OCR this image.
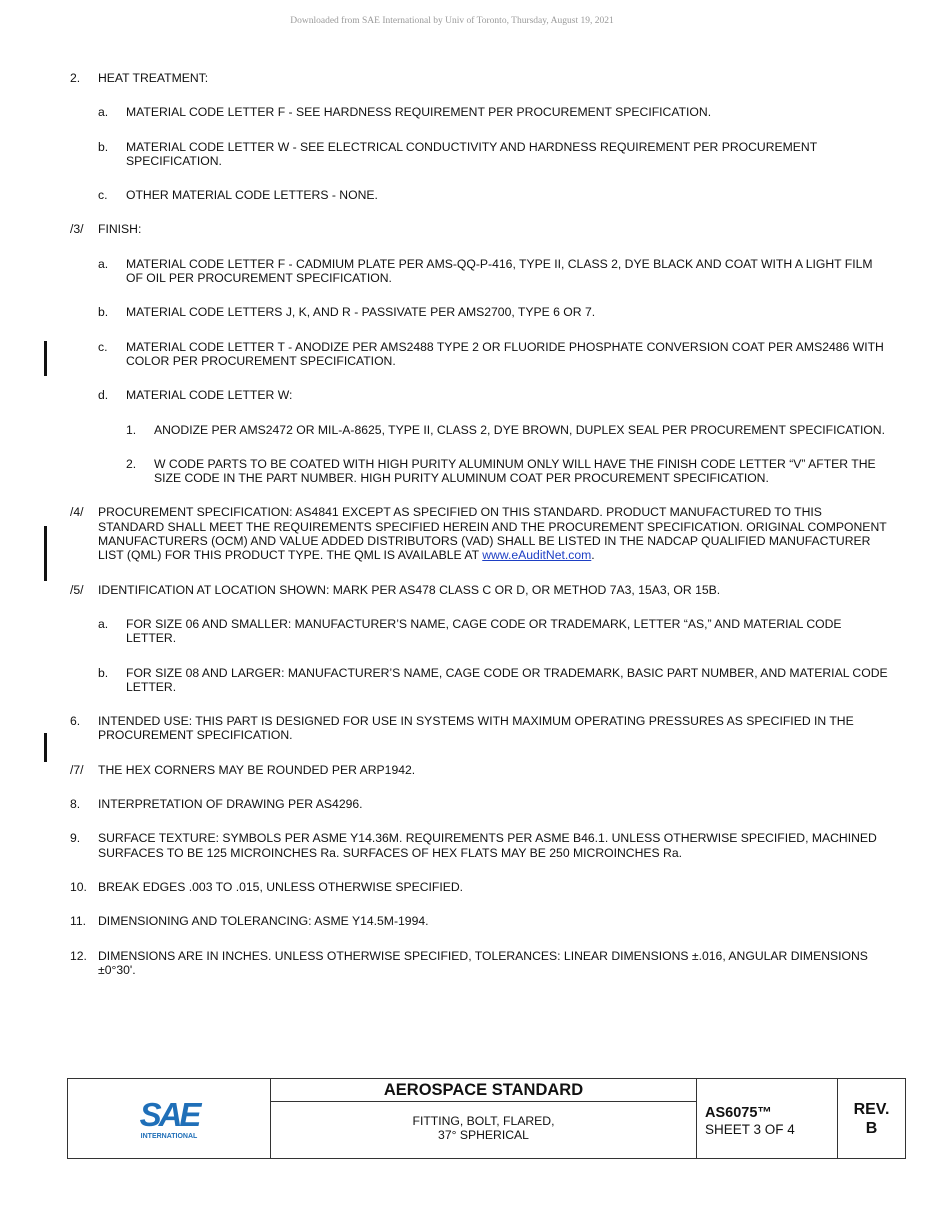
Downloaded from SAE International by Univ of Toronto, Thursday, August 19, 2021
2.	HEAT TREATMENT:
a.	MATERIAL CODE LETTER F - SEE HARDNESS REQUIREMENT PER PROCUREMENT SPECIFICATION.
b.	MATERIAL CODE LETTER W - SEE ELECTRICAL CONDUCTIVITY AND HARDNESS REQUIREMENT PER PROCUREMENT SPECIFICATION.
c.	OTHER MATERIAL CODE LETTERS - NONE.
/3/	FINISH:
a.	MATERIAL CODE LETTER F - CADMIUM PLATE PER AMS-QQ-P-416, TYPE II, CLASS 2, DYE BLACK AND COAT WITH A LIGHT FILM OF OIL PER PROCUREMENT SPECIFICATION.
b.	MATERIAL CODE LETTERS J, K, AND R - PASSIVATE PER AMS2700, TYPE 6 OR 7.
c.	MATERIAL CODE LETTER T - ANODIZE PER AMS2488 TYPE 2 OR FLUORIDE PHOSPHATE CONVERSION COAT PER AMS2486 WITH COLOR PER PROCUREMENT SPECIFICATION.
d.	MATERIAL CODE LETTER W:
1.	ANODIZE PER AMS2472 OR MIL-A-8625, TYPE II, CLASS 2, DYE BROWN, DUPLEX SEAL PER PROCUREMENT SPECIFICATION.
2.	W CODE PARTS TO BE COATED WITH HIGH PURITY ALUMINUM ONLY WILL HAVE THE FINISH CODE LETTER “V” AFTER THE SIZE CODE IN THE PART NUMBER. HIGH PURITY ALUMINUM COAT PER PROCUREMENT SPECIFICATION.
/4/	PROCUREMENT SPECIFICATION: AS4841 EXCEPT AS SPECIFIED ON THIS STANDARD. PRODUCT MANUFACTURED TO THIS STANDARD SHALL MEET THE REQUIREMENTS SPECIFIED HEREIN AND THE PROCUREMENT SPECIFICATION. ORIGINAL COMPONENT MANUFACTURERS (OCM) AND VALUE ADDED DISTRIBUTORS (VAD) SHALL BE LISTED IN THE NADCAP QUALIFIED MANUFACTURER LIST (QML) FOR THIS PRODUCT TYPE. THE QML IS AVAILABLE AT www.eAuditNet.com.
/5/	IDENTIFICATION AT LOCATION SHOWN: MARK PER AS478 CLASS C OR D, OR METHOD 7A3, 15A3, OR 15B.
a.	FOR SIZE 06 AND SMALLER: MANUFACTURER’S NAME, CAGE CODE OR TRADEMARK, LETTER “AS,” AND MATERIAL CODE LETTER.
b.	FOR SIZE 08 AND LARGER: MANUFACTURER’S NAME, CAGE CODE OR TRADEMARK, BASIC PART NUMBER, AND MATERIAL CODE LETTER.
6.	INTENDED USE: THIS PART IS DESIGNED FOR USE IN SYSTEMS WITH MAXIMUM OPERATING PRESSURES AS SPECIFIED IN THE PROCUREMENT SPECIFICATION.
/7/	THE HEX CORNERS MAY BE ROUNDED PER ARP1942.
8.	INTERPRETATION OF DRAWING PER AS4296.
9.	SURFACE TEXTURE: SYMBOLS PER ASME Y14.36M. REQUIREMENTS PER ASME B46.1. UNLESS OTHERWISE SPECIFIED, MACHINED SURFACES TO BE 125 MICROINCHES Ra. SURFACES OF HEX FLATS MAY BE 250 MICROINCHES Ra.
10. BREAK EDGES .003 TO .015, UNLESS OTHERWISE SPECIFIED.
11. DIMENSIONING AND TOLERANCING: ASME Y14.5M-1994.
12. DIMENSIONS ARE IN INCHES. UNLESS OTHERWISE SPECIFIED, TOLERANCES: LINEAR DIMENSIONS ±.016, ANGULAR DIMENSIONS ±0°30'.
SAE
INTERNATIONAL
AEROSPACE STANDARD
FITTING, BOLT, FLARED,
37° SPHERICAL
AS6075™
SHEET 3 OF 4
REV.
B
